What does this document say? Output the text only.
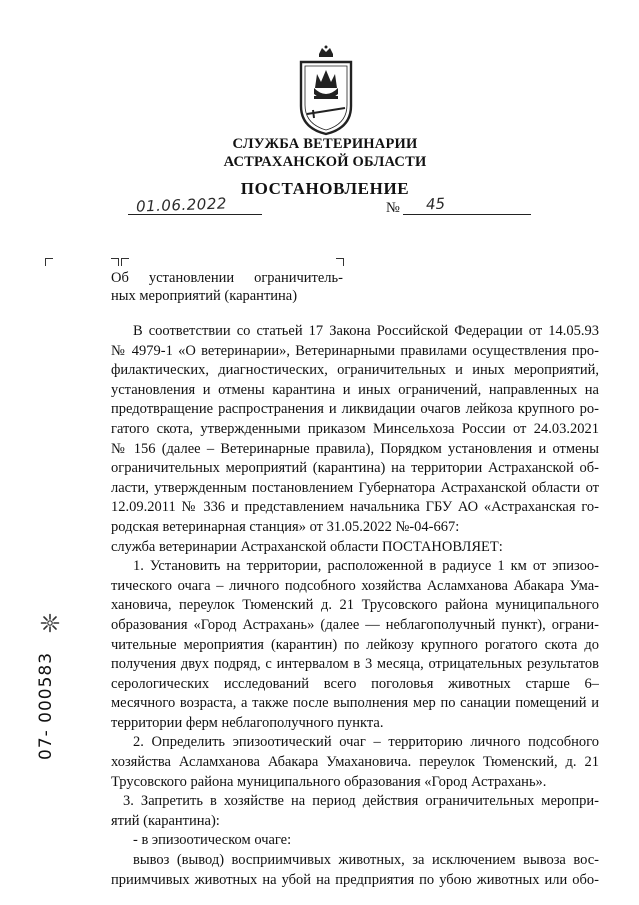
СЛУЖБА ВЕТЕРИНАРИИ
АСТРАХАНСКОЙ ОБЛАСТИ
ПОСТАНОВЛЕНИЕ
01.06.2022	№ 45
Об установлении ограничитель-
ных мероприятий (карантина)
В соответствии со статьей 17 Закона Российской Федерации от 14.05.93
№ 4979-1 «О ветеринарии», Ветеринарными правилами осуществления про-
филактических, диагностических, ограничительных и иных мероприятий,
установления и отмены карантина и иных ограничений, направленных на
предотвращение распространения и ликвидации очагов лейкоза крупного ро-
гатого скота, утвержденными приказом Минсельхоза России от 24.03.2021
№ 156 (далее – Ветеринарные правила), Порядком установления и отмены
ограничительных мероприятий (карантина) на территории Астраханской об-
ласти, утвержденным постановлением Губернатора Астраханской области от
12.09.2011 № 336 и представлением начальника ГБУ АО «Астраханская го-
родская ветеринарная станция» от 31.05.2022 №-04-667:
служба ветеринарии Астраханской области ПОСТАНОВЛЯЕТ:
1. Установить на территории, расположенной в радиусе 1 км от эпизоо-
тического очага – личного подсобного хозяйства Асламханова Абакара Ума-
хановича, переулок Тюменский д. 21 Трусовского района муниципального
образования «Город Астрахань» (далее — неблагополучный пункт), ограни-
чительные мероприятия (карантин) по лейкозу крупного рогатого скота до
получения двух подряд, с интервалом в 3 месяца, отрицательных результатов
серологических исследований всего поголовья животных старше 6–
месячного возраста, а также после выполнения мер по санации помещений и
территории ферм неблагополучного пункта.
2. Определить эпизоотический очаг – территорию личного подсобного
хозяйства Асламханова Абакара Умахановича. переулок Тюменский, д. 21
Трусовского района муниципального образования «Город Астрахань».
3. Запретить в хозяйстве на период действия ограничительных меропри-
ятий (карантина):
- в эпизоотическом очаге:
вывоз (вывод) восприимчивых животных, за исключением вывоза вос-
приимчивых животных на убой на предприятия по убою животных или обо-
07- 000583
